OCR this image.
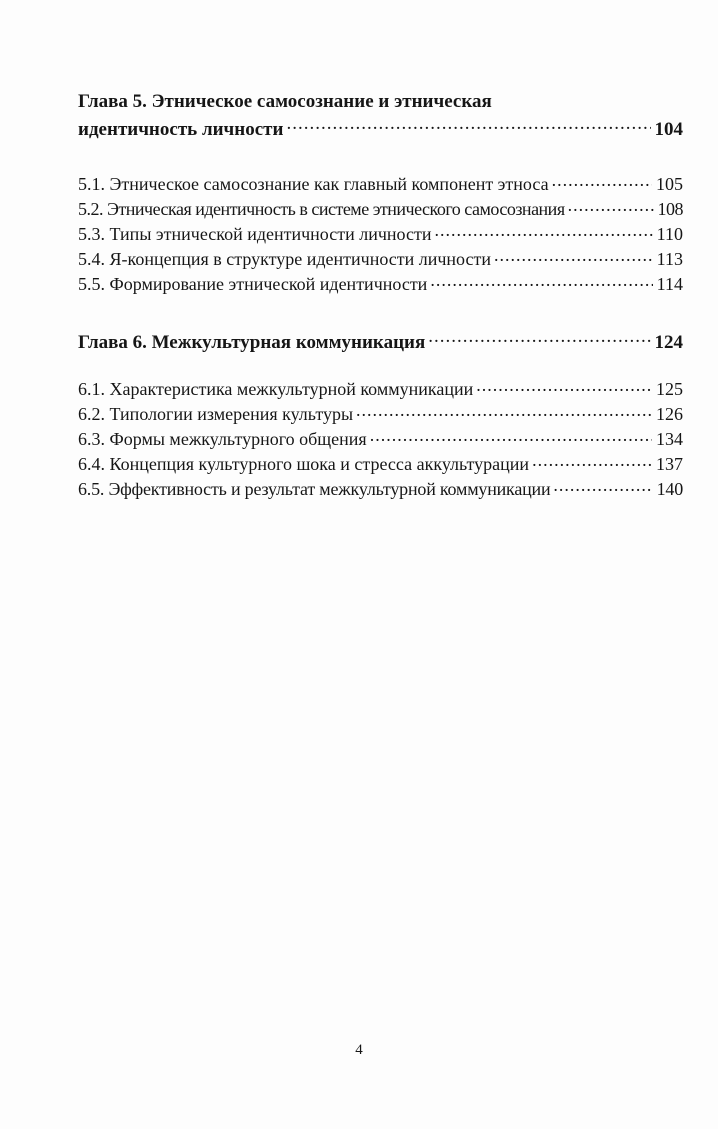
Глава 5. Этническое самосознание и этническая
идентичность личности .....	104
5.1. Этническое самосознание как главный компонент этноса .....	105
5.2. Этническая идентичность в системе этнического самосознания .....	108
5.3. Типы этнической идентичности личности .....	110
5.4. Я-концепция в структуре идентичности личности .....	113
5.5. Формирование этнической идентичности .....	114
Глава 6. Межкультурная коммуникация .....	124
6.1. Характеристика межкультурной коммуникации .....	125
6.2. Типологии измерения культуры .....	126
6.3. Формы межкультурного общения .....	134
6.4. Концепция культурного шока и стресса аккультурации .....	137
6.5. Эффективность и результат межкультурной коммуникации .....	140
4
